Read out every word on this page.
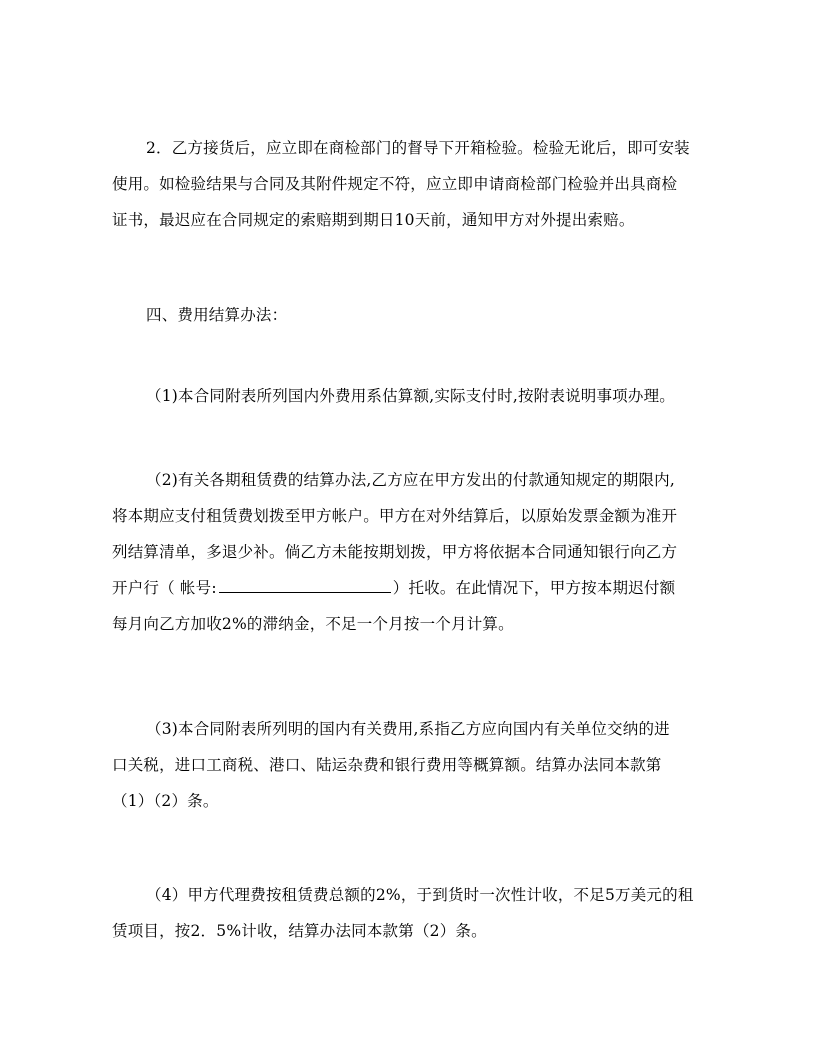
2．乙方接货后，应立即在商检部门的督导下开箱检验。检验无讹后，即可安装
使用。如检验结果与合同及其附件规定不符，应立即申请商检部门检验并出具商检
证书，最迟应在合同规定的索赔期到期日10天前，通知甲方对外提出索赔。
四、费用结算办法：
（1)本合同附表所列国内外费用系估算额,实际支付时,按附表说明事项办理。
（2)有关各期租赁费的结算办法,乙方应在甲方发出的付款通知规定的期限内,
将本期应支付租赁费划拨至甲方帐户。甲方在对外结算后，以原始发票金额为准开
列结算清单，多退少补。倘乙方未能按期划拨，甲方将依据本合同通知银行向乙方
开户行（ 帐号:	）托收。在此情况下，甲方按本期迟付额
每月向乙方加收2%的滞纳金，不足一个月按一个月计算。
（3)本合同附表所列明的国内有关费用,系指乙方应向国内有关单位交纳的进
口关税，进口工商税、港口、陆运杂费和银行费用等概算额。结算办法同本款第
（1）（2）条。
（4）甲方代理费按租赁费总额的2%，于到货时一次性计收，不足5万美元的租
赁项目，按2．5%计收，结算办法同本款第（2）条。
